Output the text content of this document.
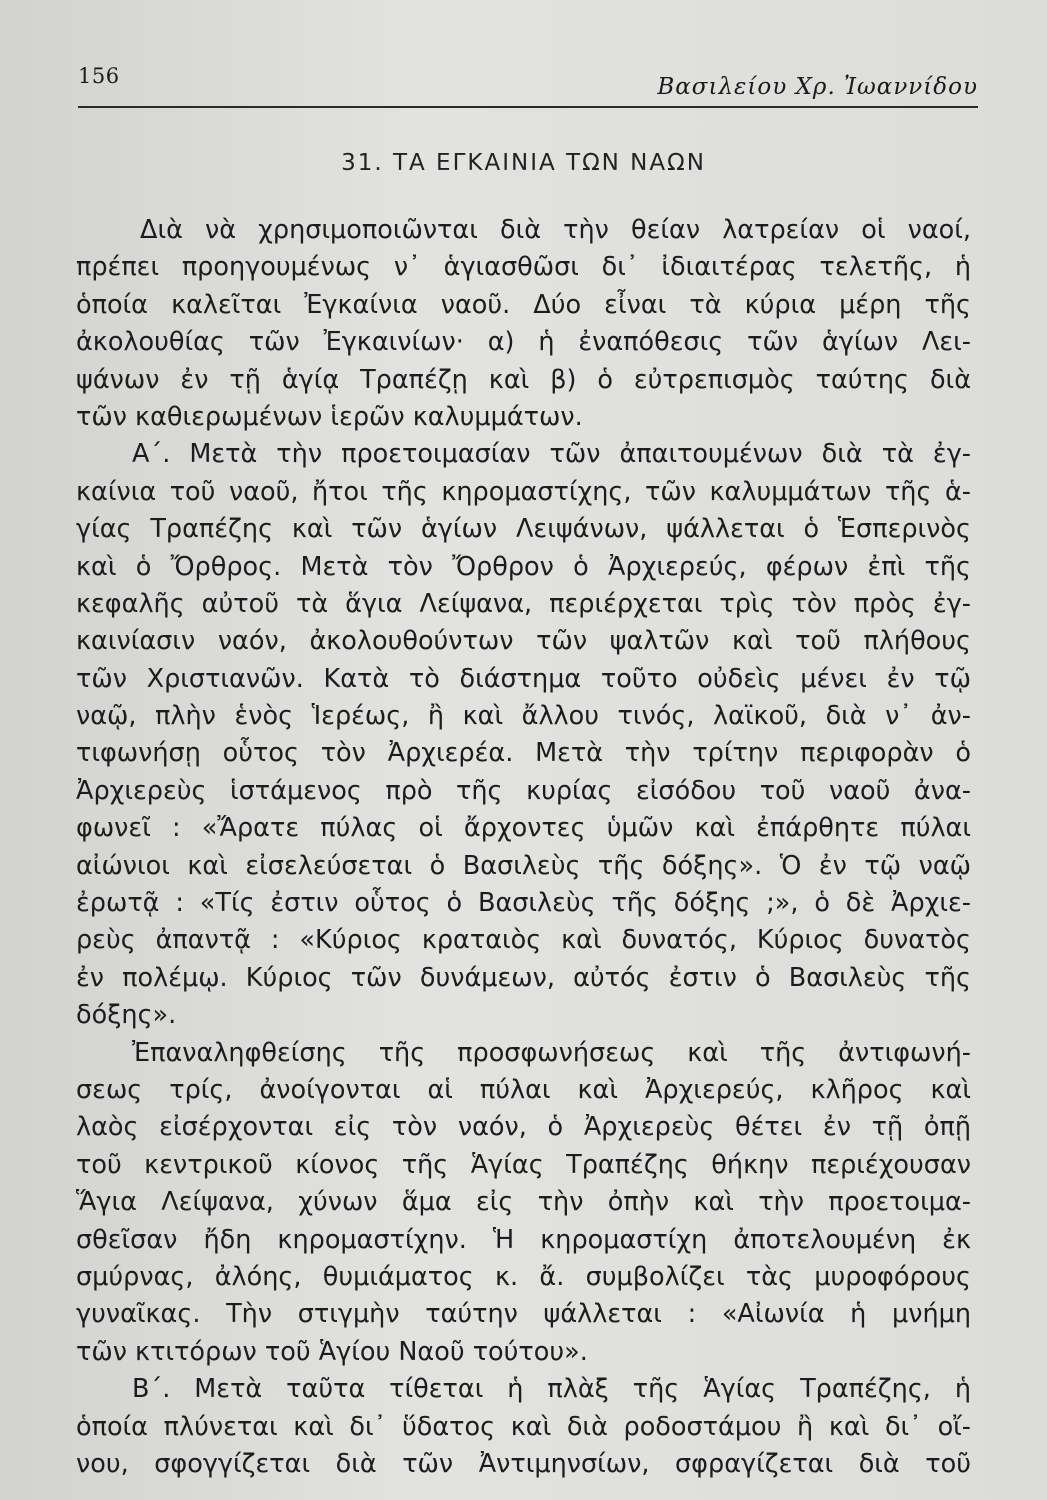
156	Βασιλείου Χρ. Ἰωαννίδου
31. ΤΑ ΕΓΚΑΙΝΙΑ ΤΩΝ ΝΑΩΝ
Διὰ νὰ χρησιμοποιῶνται διὰ τὴν θείαν λατρείαν οἱ ναοί,
πρέπει προηγουμένως ν᾿ ἁγιασθῶσι δι᾿ ἰδιαιτέρας τελετῆς, ἡ
ὁποία καλεῖται Ἐγκαίνια ναοῦ. Δύο εἶναι τὰ κύρια μέρη τῆς
ἀκολουθίας τῶν Ἐγκαινίων· α) ἡ ἐναπόθεσις τῶν ἁγίων Λει-
ψάνων ἐν τῇ ἁγίᾳ Τραπέζῃ καὶ β) ὁ εὐτρεπισμὸς ταύτης διὰ
τῶν καθιερωμένων ἱερῶν καλυμμάτων.
Α΄. Μετὰ τὴν προετοιμασίαν τῶν ἀπαιτουμένων διὰ τὰ ἐγ-
καίνια τοῦ ναοῦ, ἤτοι τῆς κηρομαστίχης, τῶν καλυμμάτων τῆς ἁ-
γίας Τραπέζης καὶ τῶν ἁγίων Λειψάνων, ψάλλεται ὁ Ἑσπερινὸς
καὶ ὁ Ὄρθρος. Μετὰ τὸν Ὄρθρον ὁ Ἀρχιερεύς, φέρων ἐπὶ τῆς
κεφαλῆς αὐτοῦ τὰ ἅγια Λείψανα, περιέρχεται τρὶς τὸν πρὸς ἐγ-
καινίασιν ναόν, ἀκολουθούντων τῶν ψαλτῶν καὶ τοῦ πλήθους
τῶν Χριστιανῶν. Κατὰ τὸ διάστημα τοῦτο οὐδεὶς μένει ἐν τῷ
ναῷ, πλὴν ἑνὸς Ἱερέως, ἢ καὶ ἄλλου τινός, λαϊκοῦ, διὰ ν᾿ ἀν-
τιφωνήσῃ οὗτος τὸν Ἀρχιερέα. Μετὰ τὴν τρίτην περιφορὰν ὁ
Ἀρχιερεὺς ἱστάμενος πρὸ τῆς κυρίας εἰσόδου τοῦ ναοῦ ἀνα-
φωνεῖ : «Ἄρατε πύλας οἱ ἄρχοντες ὑμῶν καὶ ἐπάρθητε πύλαι
αἰώνιοι καὶ εἰσελεύσεται ὁ Βασιλεὺς τῆς δόξης». Ὁ ἐν τῷ ναῷ
ἐρωτᾷ : «Τίς ἐστιν οὗτος ὁ Βασιλεὺς τῆς δόξης ;», ὁ δὲ Ἀρχιε-
ρεὺς ἀπαντᾷ : «Κύριος κραταιὸς καὶ δυνατός, Κύριος δυνατὸς
ἐν πολέμῳ. Κύριος τῶν δυνάμεων, αὐτός ἐστιν ὁ Βασιλεὺς τῆς
δόξης».
Ἐπαναληφθείσης τῆς προσφωνήσεως καὶ τῆς ἀντιφωνή-
σεως τρίς, ἀνοίγονται αἱ πύλαι καὶ Ἀρχιερεύς, κλῆρος καὶ
λαὸς εἰσέρχονται εἰς τὸν ναόν, ὁ Ἀρχιερεὺς θέτει ἐν τῇ ὀπῇ
τοῦ κεντρικοῦ κίονος τῆς Ἁγίας Τραπέζης θήκην περιέχουσαν
Ἅγια Λείψανα, χύνων ἅμα εἰς τὴν ὀπὴν καὶ τὴν προετοιμα-
σθεῖσαν ἤδη κηρομαστίχην. Ἡ κηρομαστίχη ἀποτελουμένη ἐκ
σμύρνας, ἀλόης, θυμιάματος κ. ἄ. συμβολίζει τὰς μυροφόρους
γυναῖκας. Τὴν στιγμὴν ταύτην ψάλλεται : «Αἰωνία ἡ μνήμη
τῶν κτιτόρων τοῦ Ἁγίου Ναοῦ τούτου».
Β΄. Μετὰ ταῦτα τίθεται ἡ πλὰξ τῆς Ἁγίας Τραπέζης, ἡ
ὁποία πλύνεται καὶ δι᾿ ὕδατος καὶ διὰ ροδοστάμου ἢ καὶ δι᾿ οἴ-
νου, σφογγίζεται διὰ τῶν Ἀντιμηνσίων, σφραγίζεται διὰ τοῦ
